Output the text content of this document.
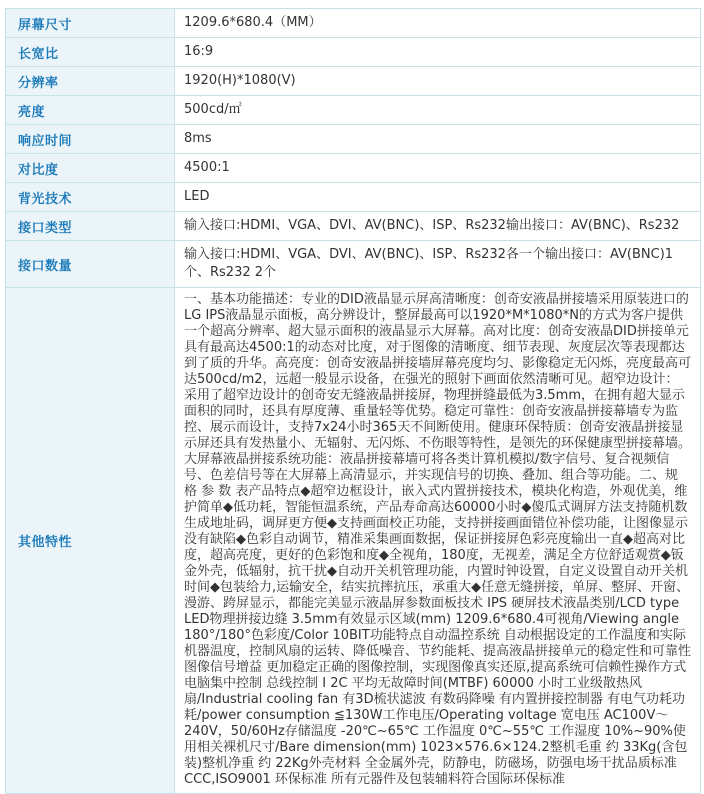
屏幕尺寸	1209.6*680.4（MM）
长宽比	16:9
分辨率	1920(H)*1080(V)
亮度	500cd/㎡
响应时间	8ms
对比度	4500:1
背光技术	LED
接口类型	输入接口:HDMI、VGA、DVI、AV(BNC)、ISP、Rs232输出接口：AV(BNC)、Rs232
接口数量	输入接口:HDMI、VGA、DVI、AV(BNC)、ISP、Rs232各一个输出接口：AV(BNC)1个、Rs232 2个
其他特性	一、基本功能描述：专业的DID液晶显示屏高清晰度：创奇安液晶拼接墙采用原装进口的LG IPS液晶显示面板，高分辨设计，整屏最高可以1920*M*1080*N的方式为客户提供一个超高分辨率、超大显示面积的液晶显示大屏幕。高对比度：创奇安液晶DID拼接单元具有最高达4500:1的动态对比度，对于图像的清晰度、细节表现、灰度层次等表现都达到了质的升华。高亮度：创奇安液晶拼接墙屏幕亮度均匀、影像稳定无闪烁，亮度最高可达500cd/m2，远超一般显示设备，在强光的照射下画面依然清晰可见。超窄边设计：采用了超窄边设计的创奇安无缝液晶拼接屏，物理拼缝最低为3.5mm，在拥有超大显示面积的同时，还具有厚度薄、重量轻等优势。稳定可靠性：创奇安液晶拼接幕墙专为监控、展示而设计，支持7x24小时365天不间断使用。健康环保特质：创奇安液晶拼接显示屏还具有发热量小、无辐射、无闪烁、不伤眼等特性，是领先的环保健康型拼接幕墙。大屏幕液晶拼接系统功能：液晶拼接幕墙可将各类计算机模拟/数字信号、复合视频信号、色差信号等在大屏幕上高清显示，并实现信号的切换、叠加、组合等功能。二、规 格 参 数 表产品特点◆超窄边框设计，嵌入式内置拼接技术，模块化构造，外观优美，维护简单◆低功耗，智能恒温系统，产品寿命高达60000小时◆傻瓜式调屏方法支持随机数生成地址码，调屏更方便◆支持画面校正功能，支持拼接画面错位补偿功能，让图像显示没有缺陷◆色彩自动调节，精准采集画面数据，保证拼接屏色彩亮度输出一直◆超高对比度，超高亮度，更好的色彩饱和度◆全视角，180度，无视差，满足全方位舒适观赏◆钣金外壳，低辐射，抗干扰◆自动开关机管理功能，内置时钟设置，自定义设置自动开关机时间◆包装给力,运输安全，结实抗摔抗压，承重大◆任意无缝拼接，单屏、整屏、开窗、漫游、跨屏显示，都能完美显示液晶屏参数面板技术 IPS 硬屏技术液晶类别/LCD type LED物理拼接边缝 3.5mm有效显示区域(mm) 1209.6*680.4可视角/Viewing angle 180°/180°色彩度/Color 10BIT功能特点自动温控系统 自动根据设定的工作温度和实际机器温度，控制风扇的运转、降低噪音、节约能耗、提高液晶拼接单元的稳定性和可靠性 图像信号增益 更加稳定正确的图像控制，实现图像真实还原,提高系统可信赖性操作方式 电脑集中控制 总线控制 I 2C 平均无故障时间(MTBF) 60000 小时工业级散热风扇/Industrial cooling fan 有3D梳状滤波 有数码降噪 有内置拼接控制器 有电气功耗功耗/power consumption ≦130W工作电压/Operating voltage 宽电压 AC100V～240V，50/60Hz存储温度 -20℃~65℃ 工作温度 0℃~55℃ 工作湿度 10%~90%使用相关裸机尺寸/Bare dimension(mm) 1023×576.6×124.2整机毛重 约 33Kg(含包装)整机净重 约 22Kg外壳材料 全金属外壳，防静电，防磁场，防强电场干扰品质标准 CCC,ISO9001 环保标准 所有元器件及包装辅料符合国际环保标准
